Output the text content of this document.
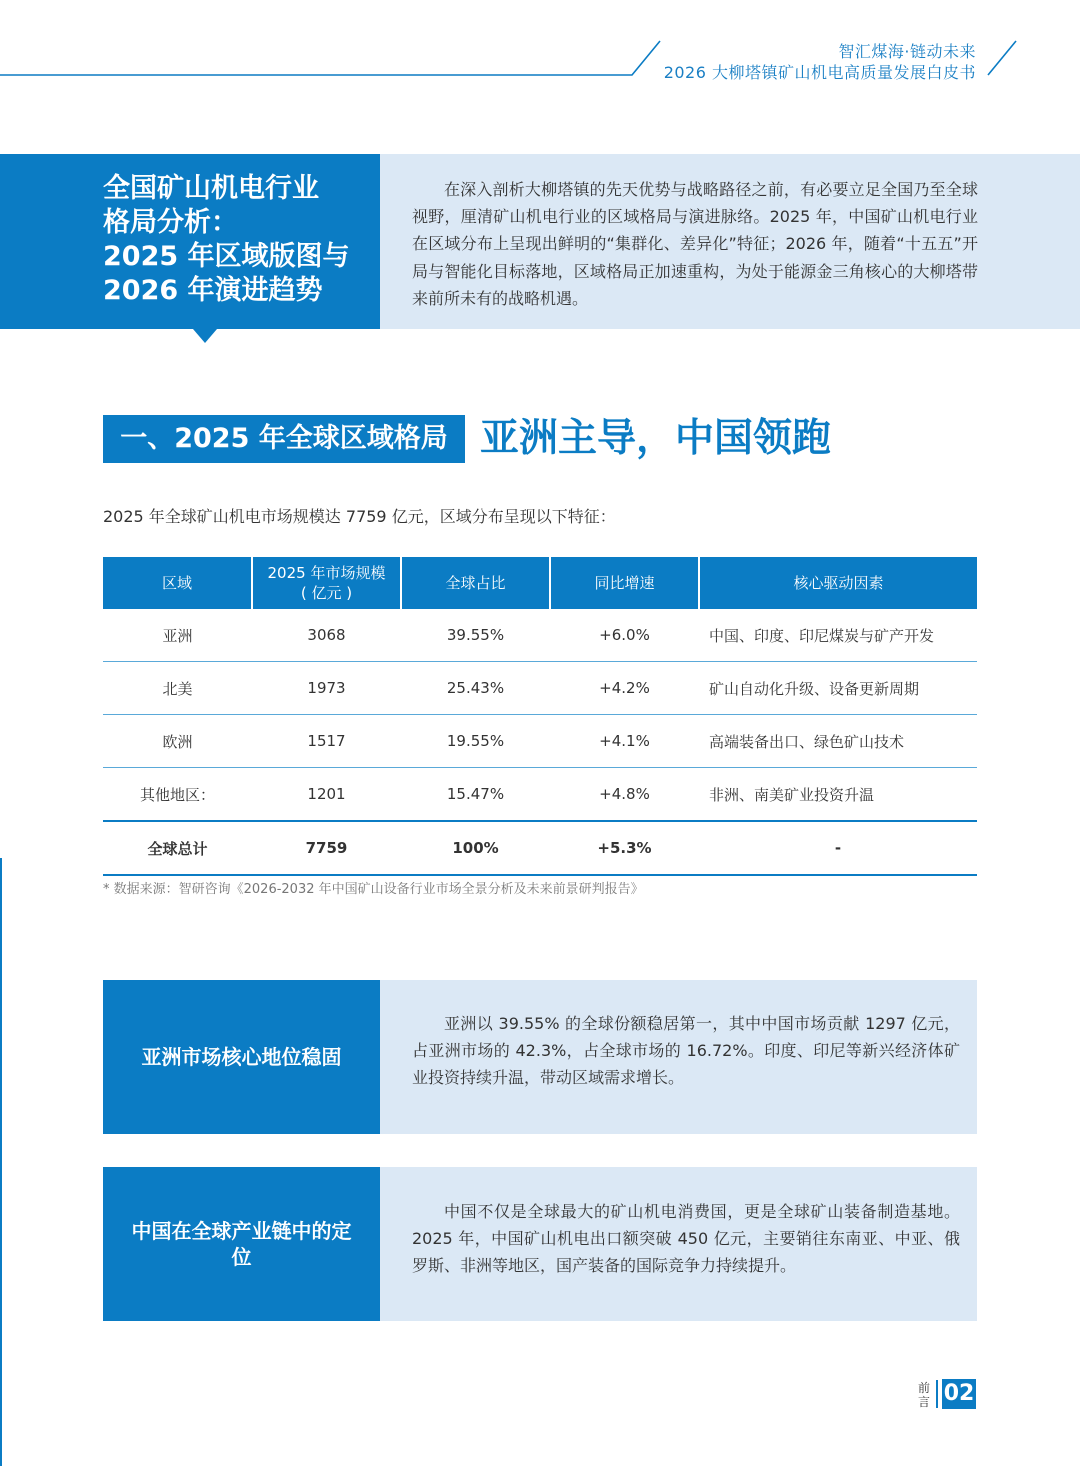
智汇煤海·链动未来
2026 大柳塔镇矿山机电高质量发展白皮书
全国矿山机电行业
格局分析：
2025 年区域版图与
2026 年演进趋势
在深入剖析大柳塔镇的先天优势与战略路径之前，有必要立足全国乃至全球视野，厘清矿山机电行业的区域格局与演进脉络。2025 年，中国矿山机电行业在区域分布上呈现出鲜明的“集群化、差异化”特征；2026 年，随着“十五五”开局与智能化目标落地，区域格局正加速重构，为处于能源金三角核心的大柳塔带来前所未有的战略机遇。
一、2025 年全球区域格局 亚洲主导，中国领跑
2025 年全球矿山机电市场规模达 7759 亿元，区域分布呈现以下特征：
区域	2025 年市场规模
( 亿元 )	全球占比	同比增速	核心驱动因素
亚洲	3068	39.55%	+6.0%	中国、印度、印尼煤炭与矿产开发
北美	1973	25.43%	+4.2%	矿山自动化升级、设备更新周期
欧洲	1517	19.55%	+4.1%	高端装备出口、绿色矿山技术
其他地区：	1201	15.47%	+4.8%	非洲、南美矿业投资升温
全球总计	7759	100%	+5.3%	-
* 数据来源：智研咨询《2026-2032 年中国矿山设备行业市场全景分析及未来前景研判报告》
亚洲市场核心地位稳固
亚洲以 39.55% 的全球份额稳居第一，其中中国市场贡献 1297 亿元，占亚洲市场的 42.3%，占全球市场的 16.72%。印度、印尼等新兴经济体矿业投资持续升温，带动区域需求增长。
中国在全球产业链中的定位
中国不仅是全球最大的矿山机电消费国，更是全球矿山装备制造基地。2025 年，中国矿山机电出口额突破 450 亿元，主要销往东南亚、中亚、俄罗斯、非洲等地区，国产装备的国际竞争力持续提升。
前言 02
